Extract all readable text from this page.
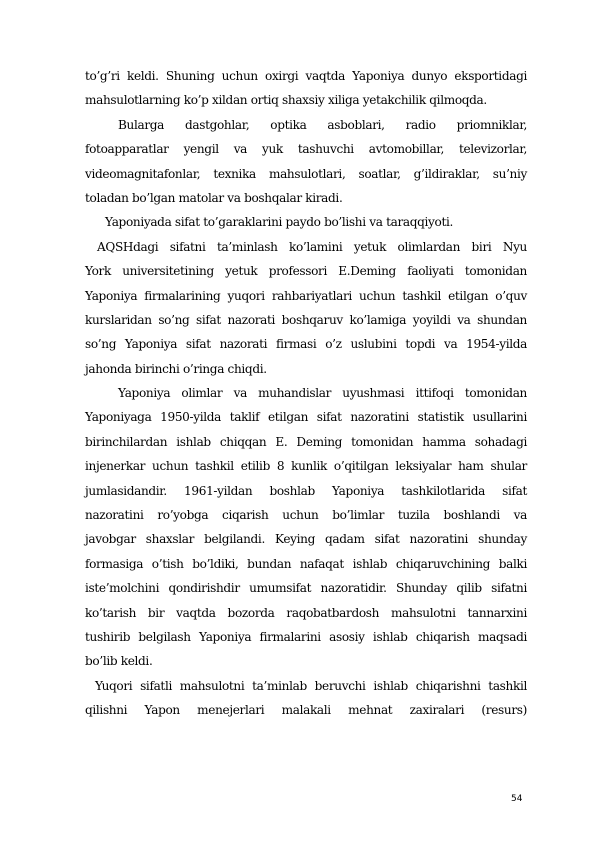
to’g’ri keldi. Shuning uchun oxirgi vaqtda Yaponiya dunyo eksportidagi
mahsulotlarning ko’p xildan ortiq shaxsiy xiliga yetakchilik qilmoqda.
Bularga dastgohlar, optika asboblari, radio priomniklar,
fotoapparatlar yengil va yuk tashuvchi avtomobillar, televizorlar,
videomagnitafonlar, texnika mahsulotlari, soatlar, g’ildiraklar, su’niy
toladan bo’lgan matolar va boshqalar kiradi.
Yaponiyada sifat to’garaklarini paydo bo’lishi va taraqqiyoti.
AQSHdagi sifatni ta’minlash ko’lamini yetuk olimlardan biri Nyu
York universitetining yetuk professori E.Deming faoliyati tomonidan
Yaponiya firmalarining yuqori rahbariyatlari uchun tashkil etilgan o’quv
kurslaridan so’ng sifat nazorati boshqaruv ko’lamiga yoyildi va shundan
so’ng Yaponiya sifat nazorati firmasi o’z uslubini topdi va 1954-yilda
jahonda birinchi o’ringa chiqdi.
Yaponiya olimlar va muhandislar uyushmasi ittifoqi tomonidan
Yaponiyaga 1950-yilda taklif etilgan sifat nazoratini statistik usullarini
birinchilardan ishlab chiqqan E. Deming tomonidan hamma sohadagi
injenerkar uchun tashkil etilib 8 kunlik o’qitilgan leksiyalar ham shular
jumlasidandir. 1961-yildan boshlab Yaponiya tashkilotlarida sifat
nazoratini ro’yobga ciqarish uchun bo’limlar tuzila boshlandi va
javobgar shaxslar belgilandi. Keying qadam sifat nazoratini shunday
formasiga o’tish bo’ldiki, bundan nafaqat ishlab chiqaruvchining balki
iste’molchini qondirishdir umumsifat nazoratidir. Shunday qilib sifatni
ko’tarish bir vaqtda bozorda raqobatbardosh mahsulotni tannarxini
tushirib belgilash Yaponiya firmalarini asosiy ishlab chiqarish maqsadi
bo’lib keldi.
Yuqori sifatli mahsulotni ta’minlab beruvchi ishlab chiqarishni tashkil
qilishni Yapon menejerlari malakali mehnat zaxiralari (resurs)
54
